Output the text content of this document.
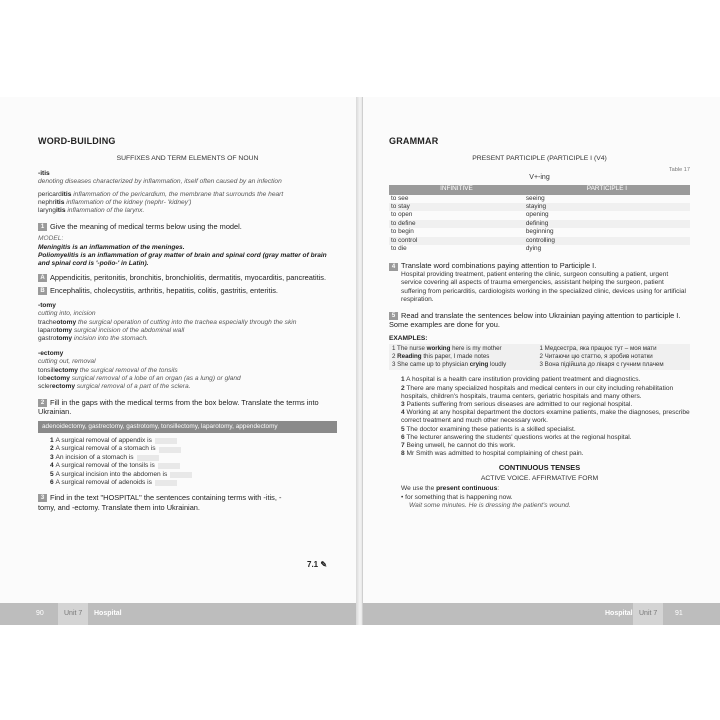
WORD-BUILDING
SUFFIXES AND TERM ELEMENTS OF NOUN
-itis
denoting diseases characterized by inflammation, itself often caused by an infection
pericarditis inflammation of the pericardium, the membrane that surrounds the heart
nephritis inflammation of the kidney (nephr- 'kidney')
laryngitis inflammation of the larynx.
1 Give the meaning of medical terms below using the model.
MODEL:
Meningitis is an inflammation of the meninges.
Poliomyelitis is an inflammation of gray matter of brain and spinal cord (gray matter of brain and spinal cord is '-polio-' in Latin).
A Appendicitis, peritonitis, bronchitis, bronchiolitis, dermatitis, myocarditis, pancreatitis.
B Encephalitis, cholecystitis, arthritis, hepatitis, colitis, gastritis, enteritis.
-tomy
cutting into, incision
tracheotomy the surgical operation of cutting into the trachea especially through the skin
laparotomy surgical incision of the abdominal wall
gastrotomy incision into the stomach.
-ectomy
cutting out, removal
tonsillectomy the surgical removal of the tonsils
lobectomy surgical removal of a lobe of an organ (as a lung) or gland
sclerectomy surgical removal of a part of the sclera.
2 Fill in the gaps with the medical terms from the box below. Translate the terms into Ukrainian.
adenoidectomy, gastrectomy, gastrotomy, tonsillectomy, laparotomy, appendectomy
1
A surgical removal of appendix is
2
A surgical removal of a stomach is
3
An incision of a stomach is
4
A surgical removal of the tonsils is
5
A surgical incision into the abdomen is
6
A surgical removal of adenoids is
3 Find in the text "HOSPITAL" the sentences containing terms with -itis, -tomy, and -ectomy. Translate them into Ukrainian.
7.1 ✎
90	Unit 7	Hospital
GRAMMAR
PRESENT PARTICIPLE (PARTICIPLE I (V4)
Table 17
V+-ing
INFINITIVE	PARTICIPLE I
to see	seeing
to stay	staying
to open	opening
to define	defining
to begin	beginning
to control	controlling
to die	dying
4 Translate word combinations paying attention to Participle I.
Hospital providing treatment, patient entering the clinic, surgeon consulting a patient, urgent service covering all aspects of trauma emergencies, assistant helping the surgeon, patient suffering from pericarditis, cardiologists working in the specialized clinic, devices using for artificial respiration.
5 Read and translate the sentences below into Ukrainian paying attention to participle I. Some examples are done for you.
EXAMPLES:
1 The nurse working here is my mother	1 Медсестра, яка працює тут – моя мати
2 Reading this paper, I made notes	2 Читаючи цю статтю, я зробив нотатки
3 She came up to physician crying loudly	3 Вона підійшла до лікаря с гучним плачем
1 A hospital is a health care institution providing patient treatment and diagnostics.
2 There are many specialized hospitals and medical centers in our city including rehabilitation hospitals, children's hospitals, trauma centers, geriatric hospitals and many others.
3 Patients suffering from serious diseases are admitted to our regional hospital.
4 Working at any hospital department the doctors examine patients, make the diagnoses, prescribe correct treatment and much other necessary work.
5 The doctor examining these patients is a skilled specialist.
6 The lecturer answering the students' questions works at the regional hospital.
7 Being unwell, he cannot do this work.
8 Mr Smith was admitted to hospital complaining of chest pain.
CONTINUOUS TENSES
ACTIVE VOICE. AFFIRMATIVE FORM
We use the present continuous:
• for something that is happening now.
Wait some minutes. He is dressing the patient's wound.
Hospital Unit 7	91
